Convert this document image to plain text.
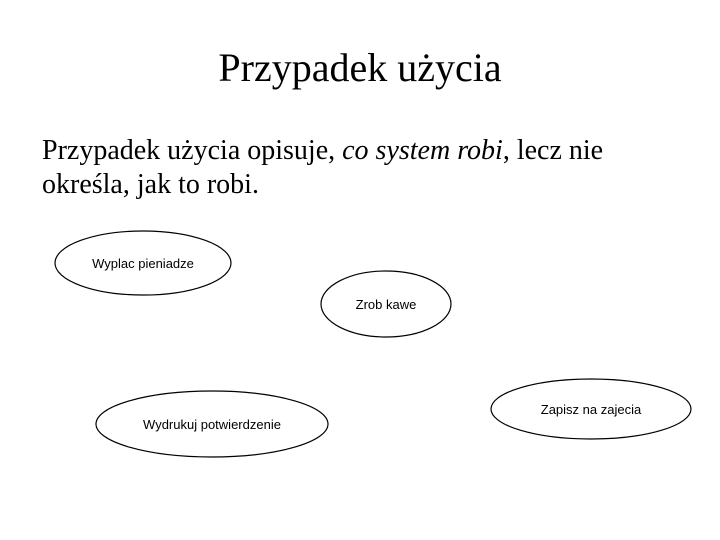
Przypadek użycia
Przypadek użycia opisuje, co system robi, lecz nie określa, jak to robi.
Wyplac pieniadze
Zrob kawe
Wydrukuj potwierdzenie
Zapisz na zajecia
